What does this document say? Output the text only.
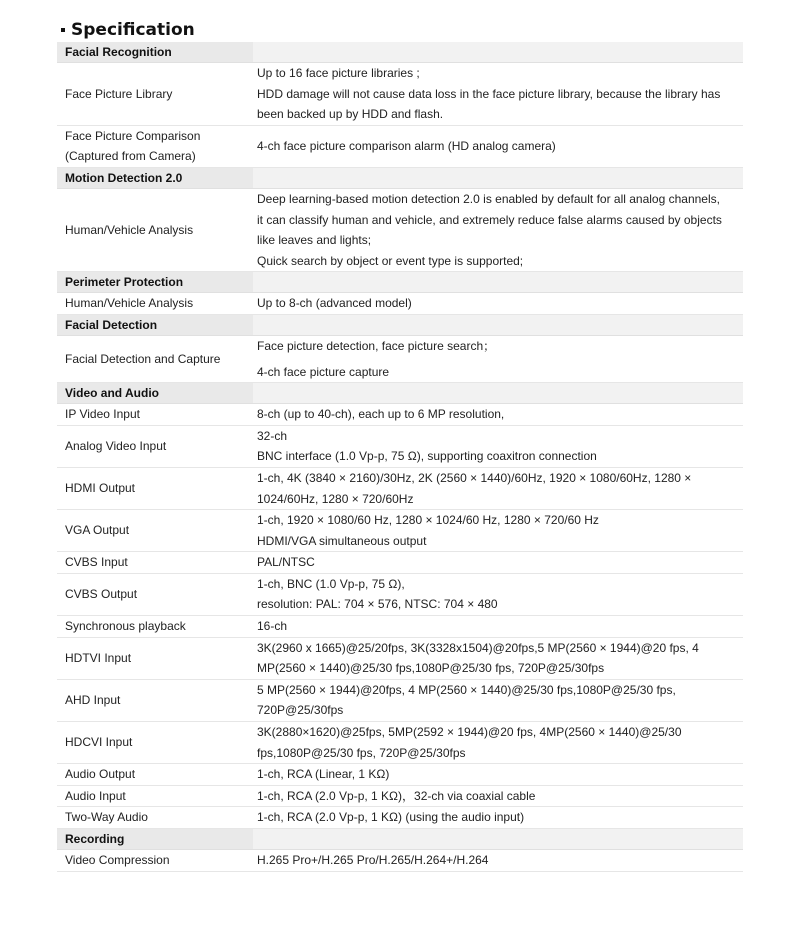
Specification
Facial Recognition	

Face Picture Library	Up to 16 face picture libraries ;
HDD damage will not cause data loss in the face picture library, because the library has been backed up by HDD and flash.

Face Picture Comparison
(Captured from Camera)	4-ch face picture comparison alarm (HD analog camera)

Motion Detection 2.0	

Human/Vehicle Analysis	Deep learning-based motion detection 2.0 is enabled by default for all analog channels,
it can classify human and vehicle, and extremely reduce false alarms caused by objects like leaves and lights;
Quick search by object or event type is supported;

Perimeter Protection	

Human/Vehicle Analysis	Up to 8-ch (advanced model)

Facial Detection	

Facial Detection and Capture	Face picture detection, face picture search；
4-ch face picture capture

Video and Audio	

IP Video Input	8-ch (up to 40-ch), each up to 6 MP resolution,

Analog Video Input	32-ch
BNC interface (1.0 Vp-p, 75 Ω), supporting coaxitron connection

HDMI Output	1-ch, 4K (3840 × 2160)/30Hz, 2K (2560 × 1440)/60Hz, 1920 × 1080/60Hz, 1280 × 1024/60Hz, 1280 × 720/60Hz

VGA Output	1-ch, 1920 × 1080/60 Hz, 1280 × 1024/60 Hz, 1280 × 720/60 Hz
HDMI/VGA simultaneous output

CVBS Input	PAL/NTSC

CVBS Output	1-ch, BNC (1.0 Vp-p, 75 Ω),
resolution: PAL: 704 × 576, NTSC: 704 × 480

Synchronous playback	16-ch

HDTVI Input	3K(2960 x 1665)@25/20fps, 3K(3328x1504)@20fps,5 MP(2560 × 1944)@20 fps, 4 MP(2560 × 1440)@25/30 fps,1080P@25/30 fps, 720P@25/30fps

AHD Input	5 MP(2560 × 1944)@20fps, 4 MP(2560 × 1440)@25/30 fps,1080P@25/30 fps, 720P@25/30fps

HDCVI Input	3K(2880×1620)@25fps, 5MP(2592 × 1944)@20 fps, 4MP(2560 × 1440)@25/30 fps,1080P@25/30 fps, 720P@25/30fps

Audio Output	1-ch, RCA (Linear, 1 KΩ)

Audio Input	1-ch, RCA (2.0 Vp-p, 1 KΩ)，32-ch via coaxial cable

Two-Way Audio	1-ch, RCA (2.0 Vp-p, 1 KΩ) (using the audio input)

Recording	

Video Compression	H.265 Pro+/H.265 Pro/H.265/H.264+/H.264
